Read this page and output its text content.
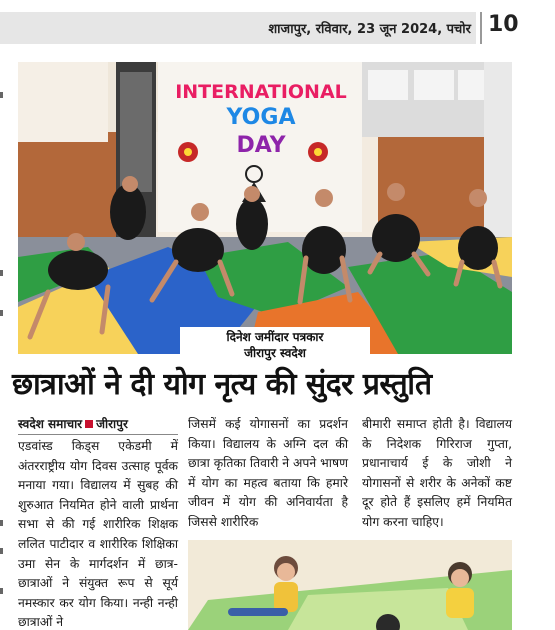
शाजापुर, रविवार, 23 जून 2024, पचोर 10
INTERNATIONAL
YOGA
DAY
दिनेश जमींदार पत्रकार
जीरापुर स्वदेश
छात्राओं ने दी योग नृत्य की सुंदर प्रस्तुति
स्वदेश समाचार जीरापुर

एडवांस्ड किड्स एकेडमी में अंतरराष्ट्रीय योग दिवस उत्साह पूर्वक मनाया गया। विद्यालय में सुबह की शुरुआत नियमित होने वाली प्रार्थना सभा से की गई शारीरिक शिक्षक ललित पाटीदार व शारीरिक शिक्षिका उमा सेन के मार्गदर्शन में छात्र-छात्राओं ने संयुक्त रूप से सूर्य नमस्कार कर योग किया। नन्ही नन्ही छात्राओं ने

जिसमें कई योगासनों का प्रदर्शन किया। विद्यालय के अग्नि दल की छात्रा कृतिका तिवारी ने अपने भाषण में योग का महत्व बताया कि हमारे जीवन में योग की अनिवार्यता है जिससे शारीरिक

बीमारी समाप्त होती है। विद्यालय के निदेशक गिरिराज गुप्ता, प्रधानाचार्य ई के जोशी ने योगासनों से शरीर के अनेकों कष्ट दूर होते हैं इसलिए हमें नियमित योग करना चाहिए।
